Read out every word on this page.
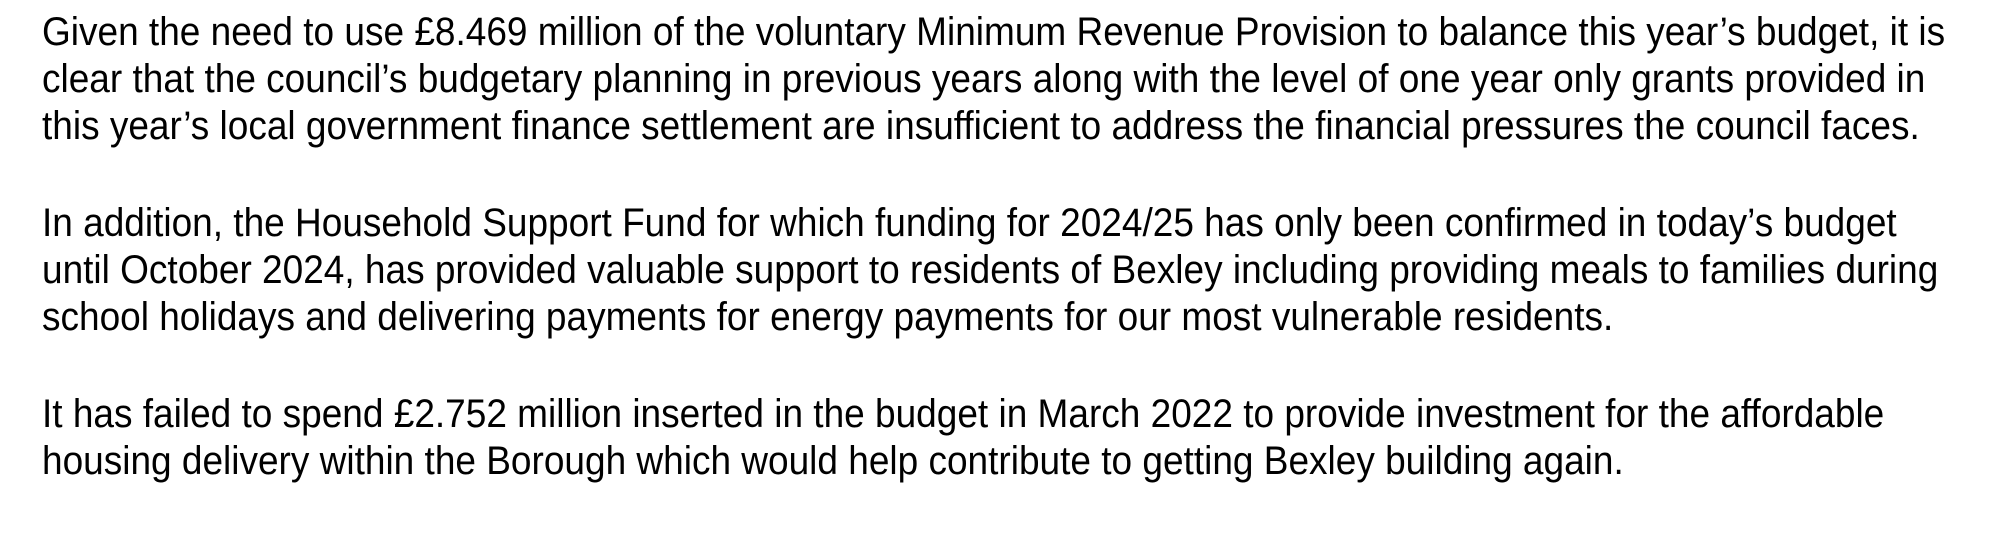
Given the need to use £8.469 million of the voluntary Minimum Revenue Provision to balance this year’s budget, it is
clear that the council’s budgetary planning in previous years along with the level of one year only grants provided in
this year’s local government finance settlement are insufficient to address the financial pressures the council faces.
In addition, the Household Support Fund for which funding for 2024/25 has only been confirmed in today’s budget
until October 2024, has provided valuable support to residents of Bexley including providing meals to families during
school holidays and delivering payments for energy payments for our most vulnerable residents.
It has failed to spend £2.752 million inserted in the budget in March 2022 to provide investment for the affordable
housing delivery within the Borough which would help contribute to getting Bexley building again.
